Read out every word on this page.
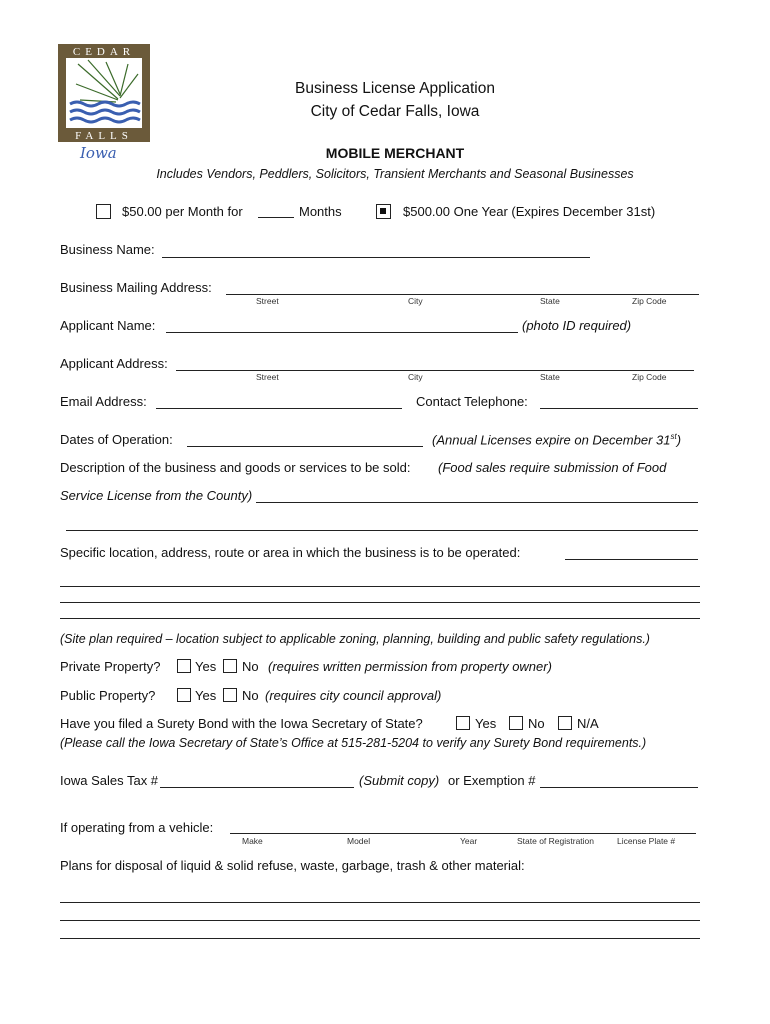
CEDAR
FALLS
Iowa
Business License Application
City of Cedar Falls, Iowa
MOBILE MERCHANT
Includes Vendors, Peddlers, Solicitors, Transient Merchants and Seasonal Businesses
$50.00 per Month for	Months	$500.00 One Year (Expires December 31st)
Business Name:
Business Mailing Address:
Street	City	State	Zip Code
Applicant Name:	(photo ID required)
Applicant Address:
Street	City	State	Zip Code
Email Address:	Contact Telephone:
Dates of Operation:	(Annual Licenses expire on December 31st)
Description of the business and goods or services to be sold: (Food sales require submission of Food
Service License from the County)
Specific location, address, route or area in which the business is to be operated:
(Site plan required – location subject to applicable zoning, planning, building and public safety regulations.)
Private Property?	Yes No (requires written permission from property owner)
Public Property?	Yes No (requires city council approval)
Have you filed a Surety Bond with the Iowa Secretary of State?	Yes No N/A
(Please call the Iowa Secretary of State’s Office at 515-281-5204 to verify any Surety Bond requirements.)
Iowa Sales Tax #	(Submit copy) or Exemption #
If operating from a vehicle:
Make	Model	Year	State of Registration	License Plate #
Plans for disposal of liquid & solid refuse, waste, garbage, trash & other material:
